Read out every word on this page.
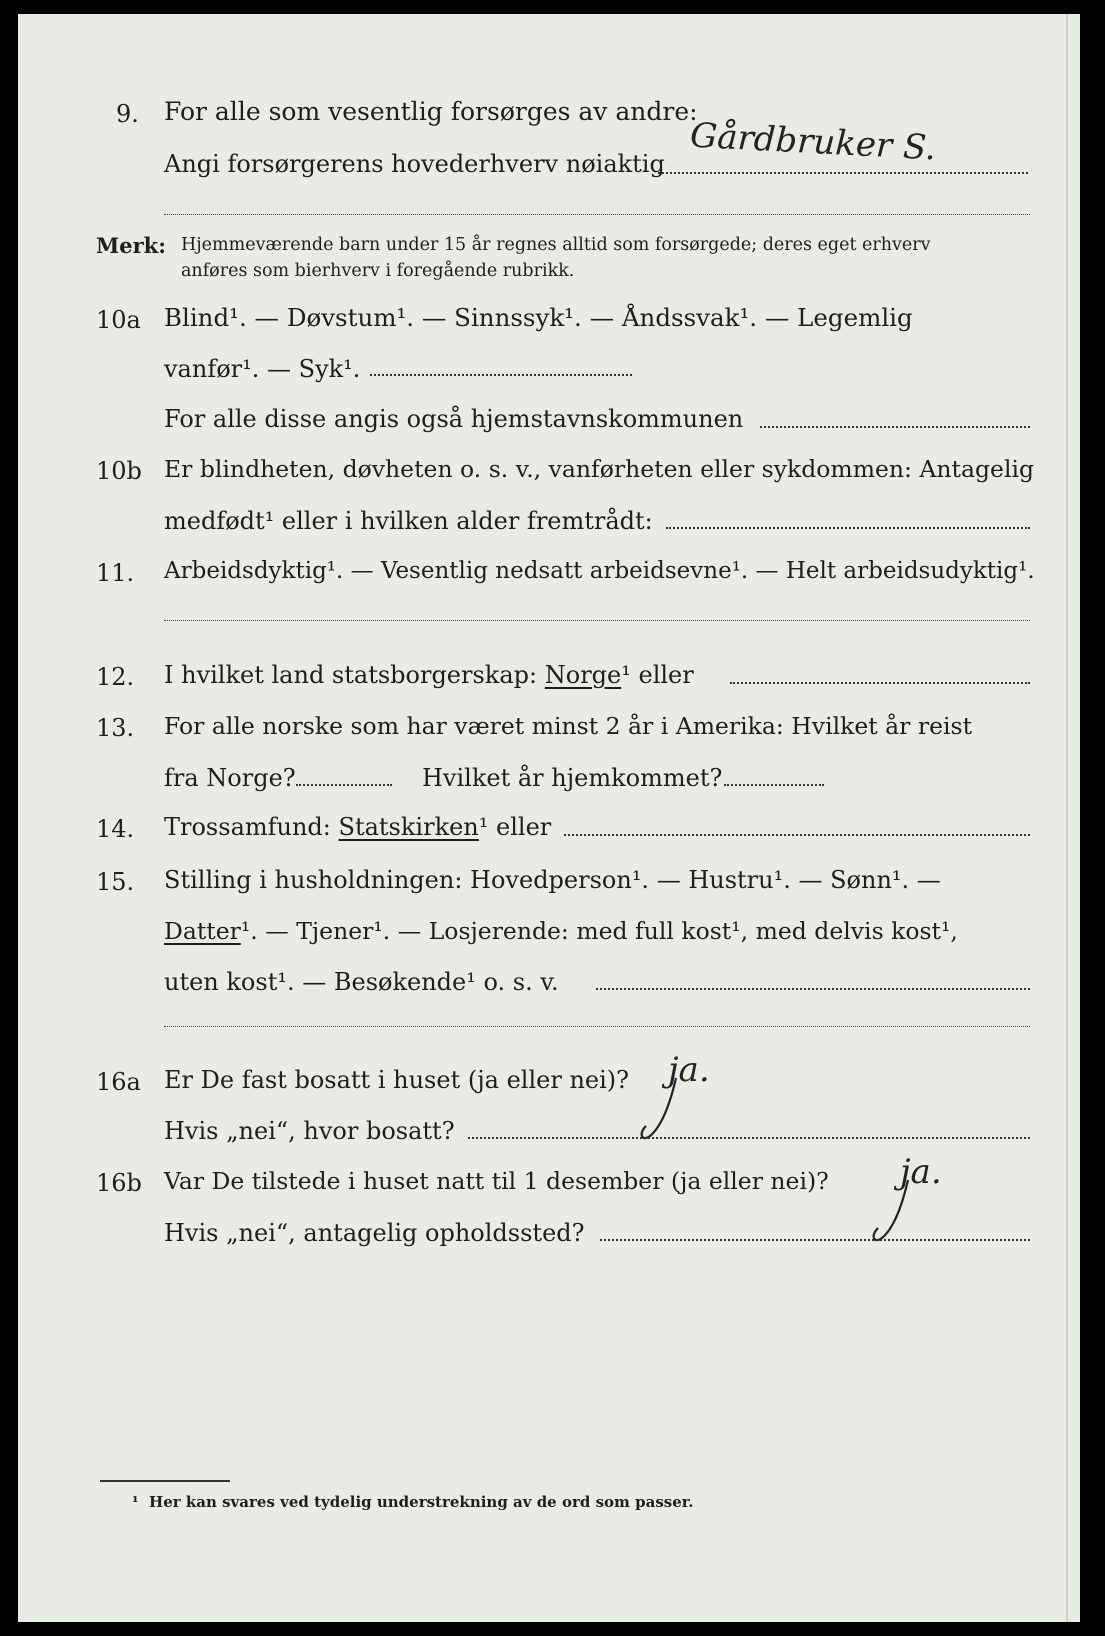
9. For alle som vesentlig forsørges av andre:
Angi forsørgerens hovederhverv nøiaktig Gårdbruker S.
Merk: Hjemmeværende barn under 15 år regnes alltid som forsørgede; deres eget erhverv
anføres som bierhverv i foregående rubrikk.
10a Blind¹. — Døvstum¹. — Sinnssyk¹. — Åndssvak¹. — Legemlig
vanfør¹. — Syk¹.
For alle disse angis også hjemstavnskommunen
10b Er blindheten, døvheten o. s. v., vanførheten eller sykdommen: Antagelig
medfødt¹ eller i hvilken alder fremtrådt:
11. Arbeidsdyktig¹. — Vesentlig nedsatt arbeidsevne¹. — Helt arbeidsudyktig¹.
12. I hvilket land statsborgerskap: Norge¹ eller
13. For alle norske som har været minst 2 år i Amerika: Hvilket år reist
fra Norge?	Hvilket år hjemkommet?
14. Trossamfund: Statskirken¹ eller
15. Stilling i husholdningen: Hovedperson¹. — Hustru¹. — Sønn¹. —
Datter¹. — Tjener¹. — Losjerende: med full kost¹, med delvis kost¹,
uten kost¹. — Besøkende¹ o. s. v.
16a Er De fast bosatt i huset (ja eller nei)? ja.
Hvis „nei“, hvor bosatt?
16b Var De tilstede i huset natt til 1 desember (ja eller nei)? ja.
Hvis „nei“, antagelig opholdssted?
¹ Her kan svares ved tydelig understrekning av de ord som passer.
